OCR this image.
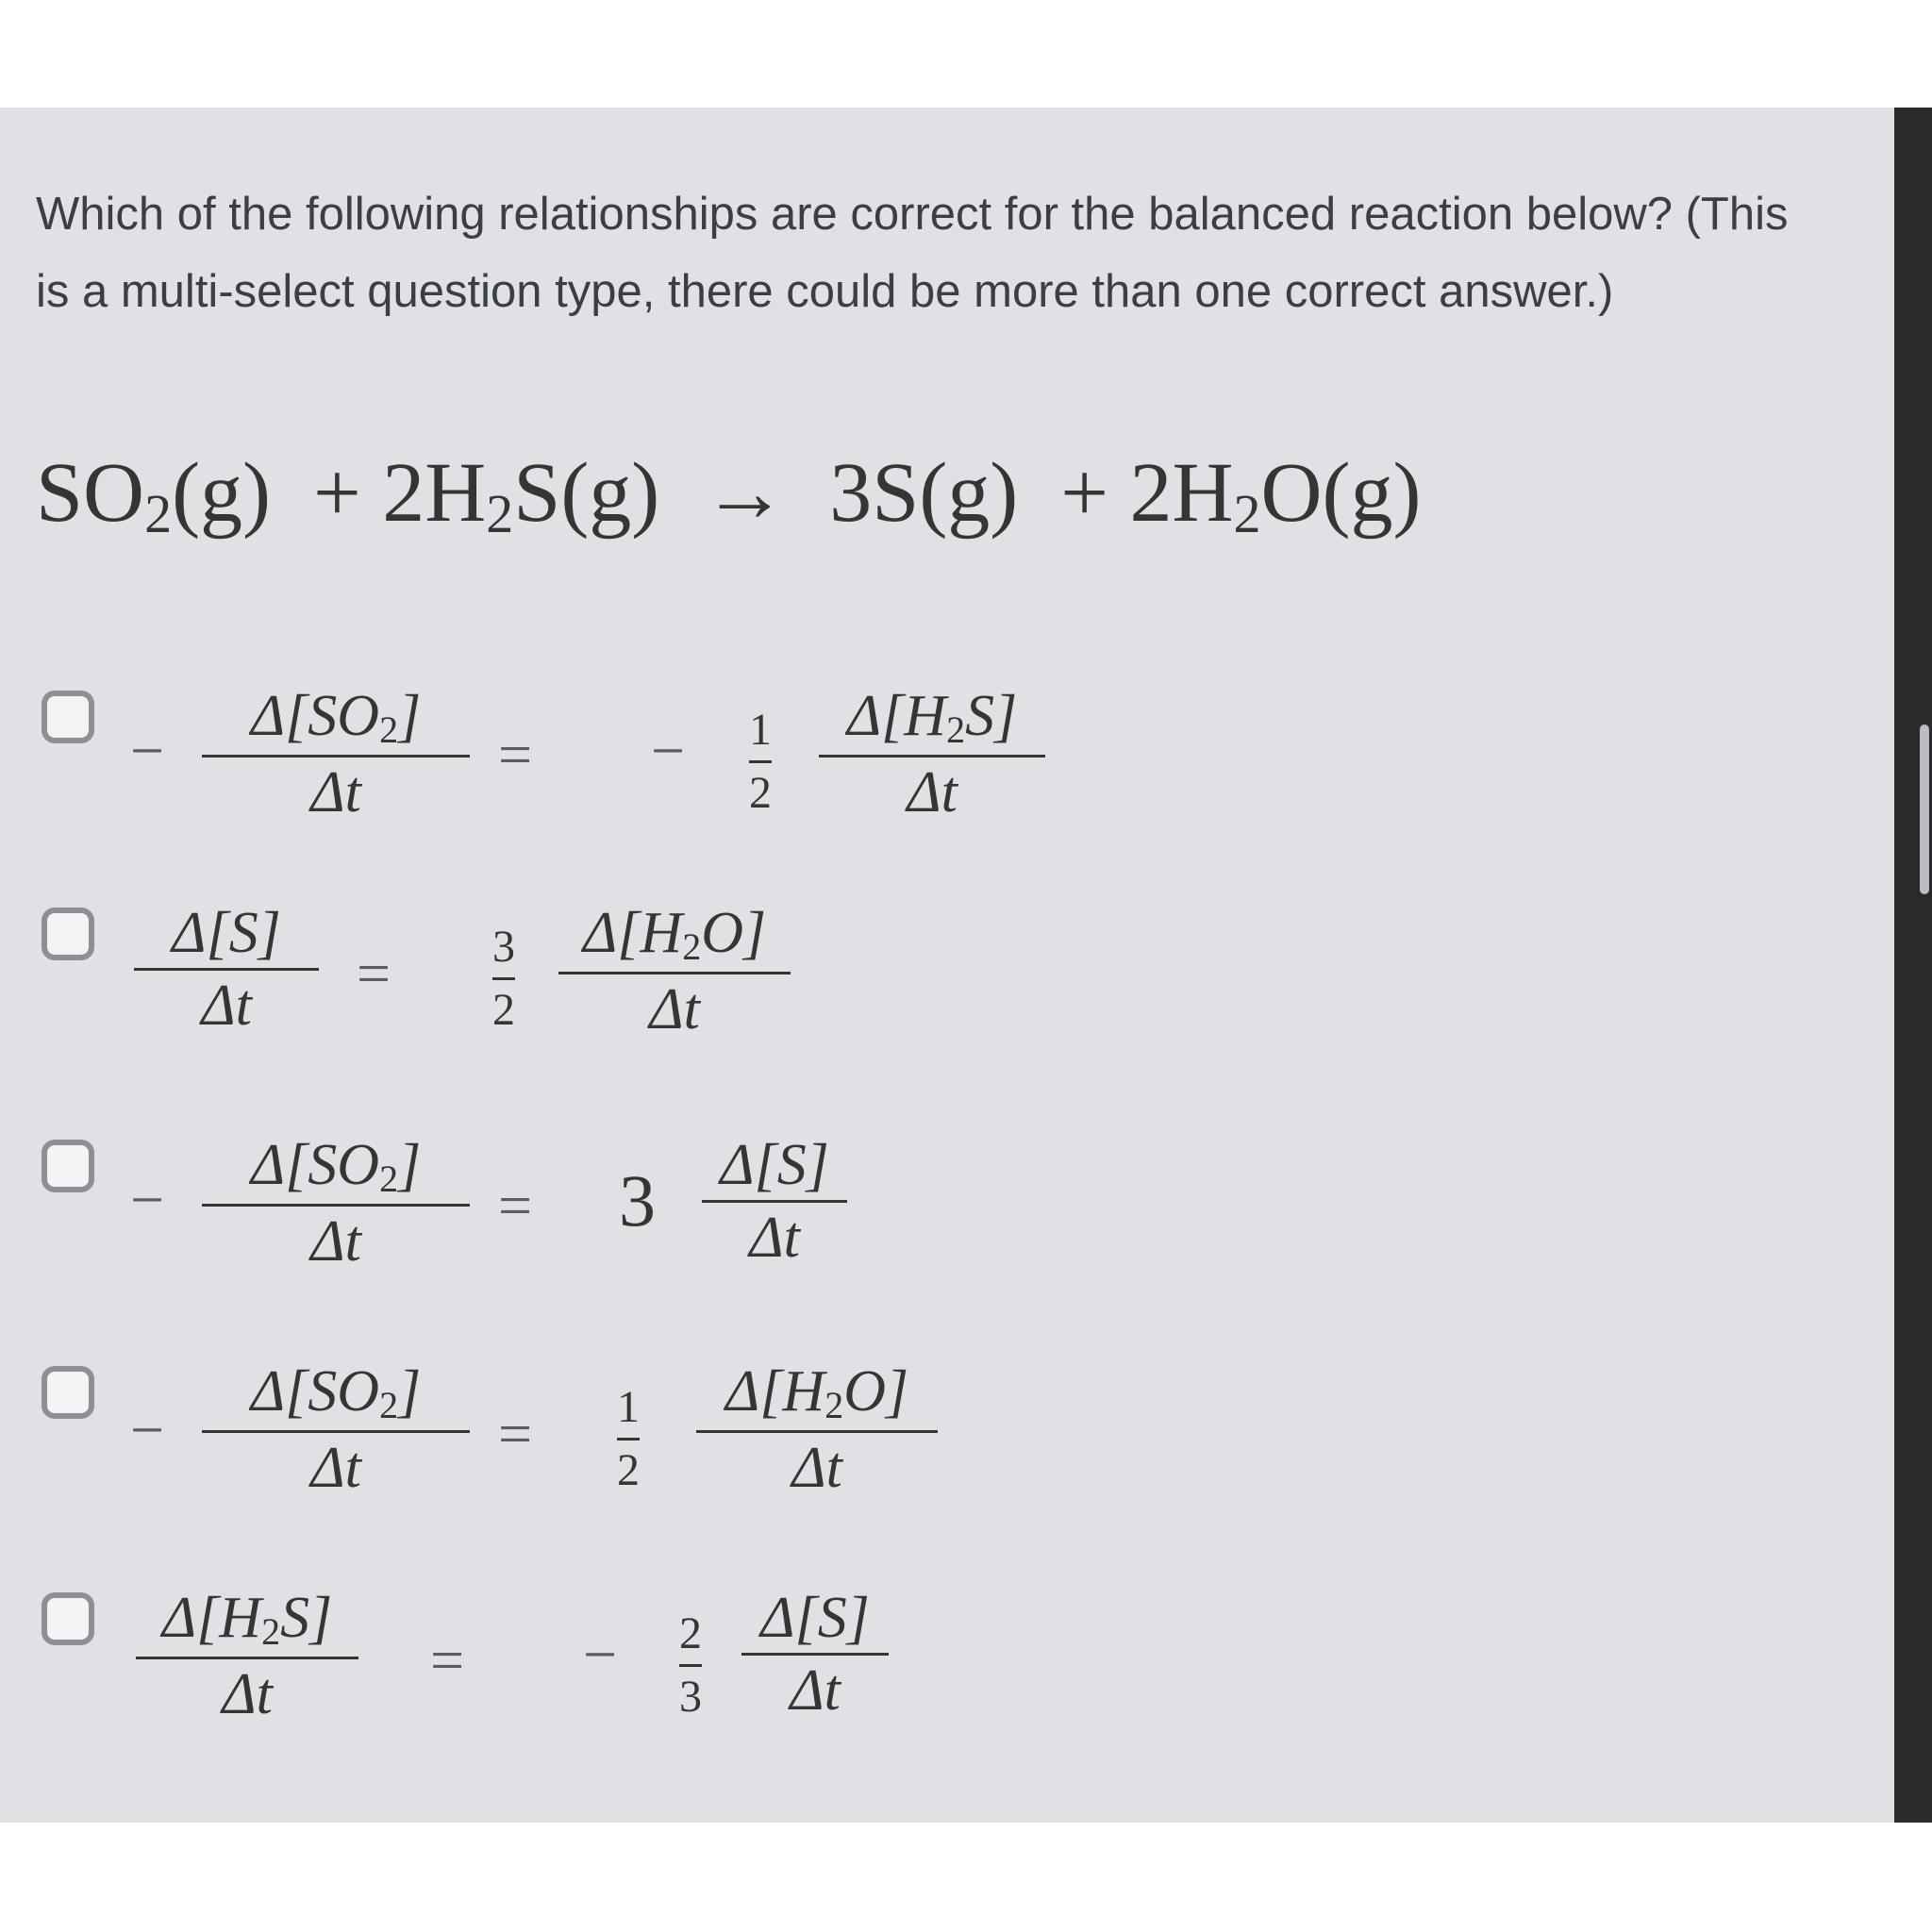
Which of the following relationships are correct for the balanced reaction below? (This is a multi-select question type, there could be more than one correct answer.)

$SO_2(g) + 2H_2S(g) \to 3S(g) + 2H_2O(g)$
−
$\Delta[SO_2]$
Δt
= − 1
2
$\Delta[H_2S]$
Δt
Δ[S]
Δt = 3
2
$\Delta[H_2O]$
Δt
−
$\Delta[SO_2]$
Δt
= 3 Δ[S]
Δt
−
$\Delta[SO_2]$
Δt
= 1
2
$\Delta[H_2O]$
Δt
$\Delta[H_2S]$
Δt
= − 2
3
Δ[S]
Δt
